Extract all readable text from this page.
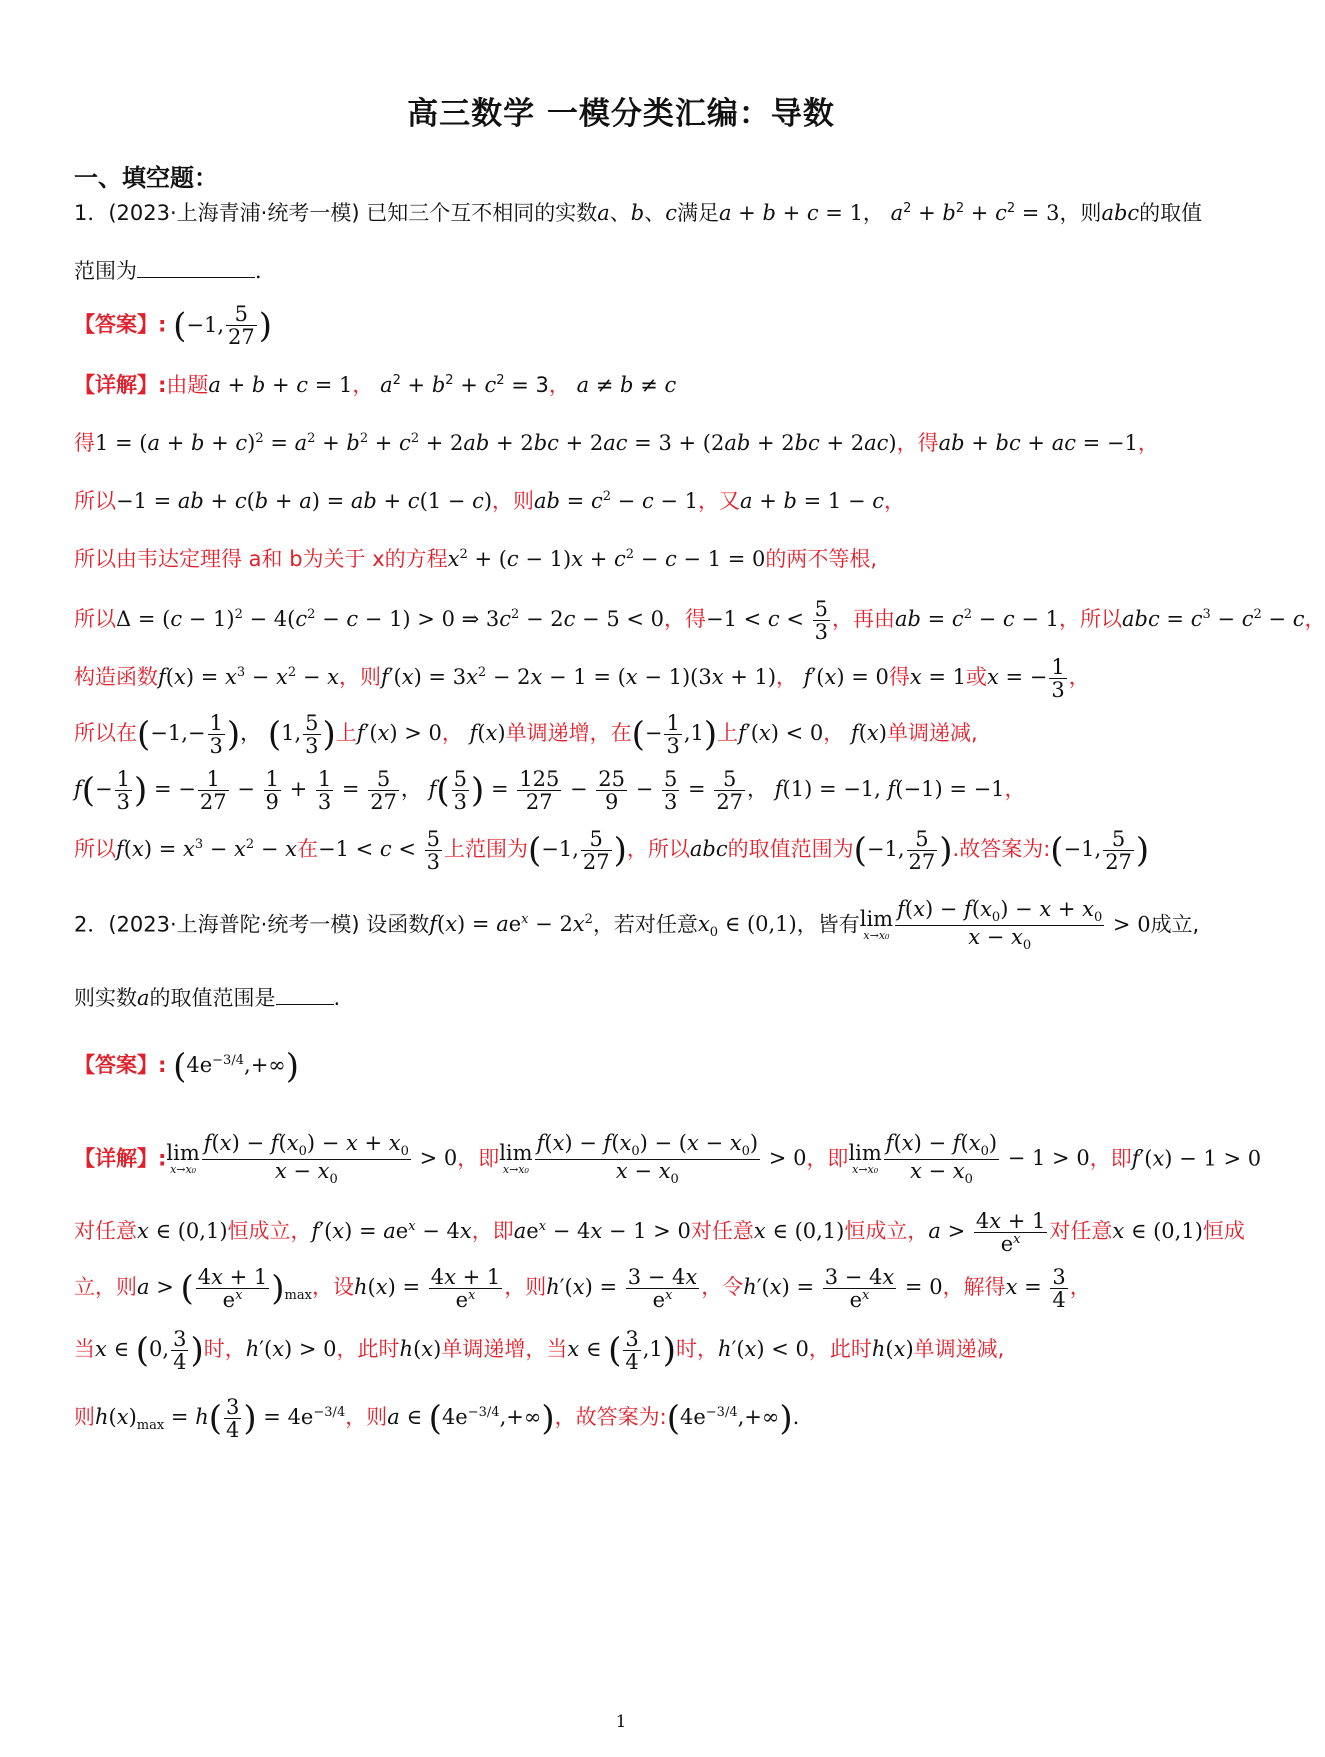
高三数学 一模分类汇编：导数
一、填空题：
1．(2023·上海青浦·统考一模) 已知三个互不相同的实数a、b、c满足a + b + c = 1， $a^2 + b^2 + c^2 = 3$，则abc的取值
范围为	．
【答案】: (−1, $\frac{5}{27}$ )
【详解】:由题a + b + c = 1， $a^2 + b^2 + c^2 = 3$， a ≠ b ≠ c
得$1 = (a + b + c)^2 = a^2 + b^2 + c^2 + 2ab + 2bc + 2ac = 3 + (2ab + 2bc + 2ac)$，得ab + bc + ac = −1，
所以−1 = ab + c(b + a) = ab + c(1 − c)，则ab = $c^2 - c - 1$，又a + b = 1 − c，
所以由韦达定理得 a和 b为关于 x的方程$x^2 + (c - 1)x + c^2 - c - 1 = 0$的两不等根,
所以$\Delta = (c - 1)^2 - 4(c^2 - c - 1) > 0$ ⇒ $3c^2 - 2c - 5 < 0$，得$-1 < c < \frac{5}{3}$ ，再由ab = $c^2 - c - 1$，所以abc = $c^3 - c^2 - c$，
构造函数$f(x) = x^3 - x^2 - x$，则$f'(x) = 3x^2 - 2x - 1 = (x - 1)(3x + 1)$， f′(x) = 0得x = 1或x = − $\frac{1}{3}$ ，
所以在($-1,- \frac{1}{3}$ )， (1, $\frac{5}{3}$ )上f′(x) > 0， f(x)单调递增，在(− $\frac{1}{3} ,1$)上f′(x) < 0， f(x)单调递减,
$f(- \frac{1}{3}$ ) = − $\frac{1}{27} - \frac{1}{9} + \frac{1}{3} = \frac{5}{27}$ ， $f( \frac{5}{3}$ ) = $\frac{125}{27} - \frac{25}{9} - \frac{5}{3} = \frac{5}{27}$ ， f(1) = −1, f(−1) = −1，
所以$f(x) = x^3 - x^2 - x$在$-1 < c < \frac{5}{3}$ 上范围为(−1, $\frac{5}{27}$ )，所以abc的取值范围为(−1, $\frac{5}{27}$ ).故答案为:(−1, $\frac{5}{27}$ )
2．(2023·上海普陀·统考一模) 设函数$f(x) = ae^x - 2x^2$，若对任意$x_0$ ∈ (0,1)，皆有lim
$x\to x_0 \frac{f(x) - f(x_0) - x + x_0}{x - x_0} > 0$成立,
则实数a的取值范围是	.
【答案】: $(4e^{-3/4},+\infty)$
【详解】:lim
$x\to x_0 \frac{f(x) - f(x_0) - x + x_0}{x - x_0} > 0$，即lim
$x\to x_0 \frac{f(x) - f(x_0) - (x - x_0)}{x - x_0} > 0$，即lim
$x\to x_0 \frac{f(x) - f(x_0)}{x - x_0} - 1 > 0$，即f′(x) − 1 > 0
对任意x ∈ (0,1)恒成立，$f'(x) = ae^x - 4x$，即$ae^x - 4x - 1 > 0$对任意x ∈ (0,1)恒成立，$a > \frac{4x + 1}{e^x}$ 对任意x ∈ (0,1)恒成
立，则a > ( $\frac{4x + 1}{e^x} )_{max}$，设$h(x) = \frac{4x + 1}{e^x}$ ，则$h'(x) = \frac{3 - 4x}{e^x}$ ，令$h'(x) = \frac{3 - 4x}{e^x} = 0$，解得$x = \frac{3}{4}$ ，
当x ∈ (0, $\frac{3}{4}$ )时，h′(x) > 0，此时h(x)单调递增，当x ∈ ( $\frac{3}{4} ,1$)时，h′(x) < 0，此时h(x)单调递减,
则$h(x)_{max} = h( \frac{3}{4}$ ) = $4e^{-3/4}$，则a ∈ $(4e^{-3/4},+\infty)$，故答案为$:(4e^{-3/4},+\infty)$.
1
